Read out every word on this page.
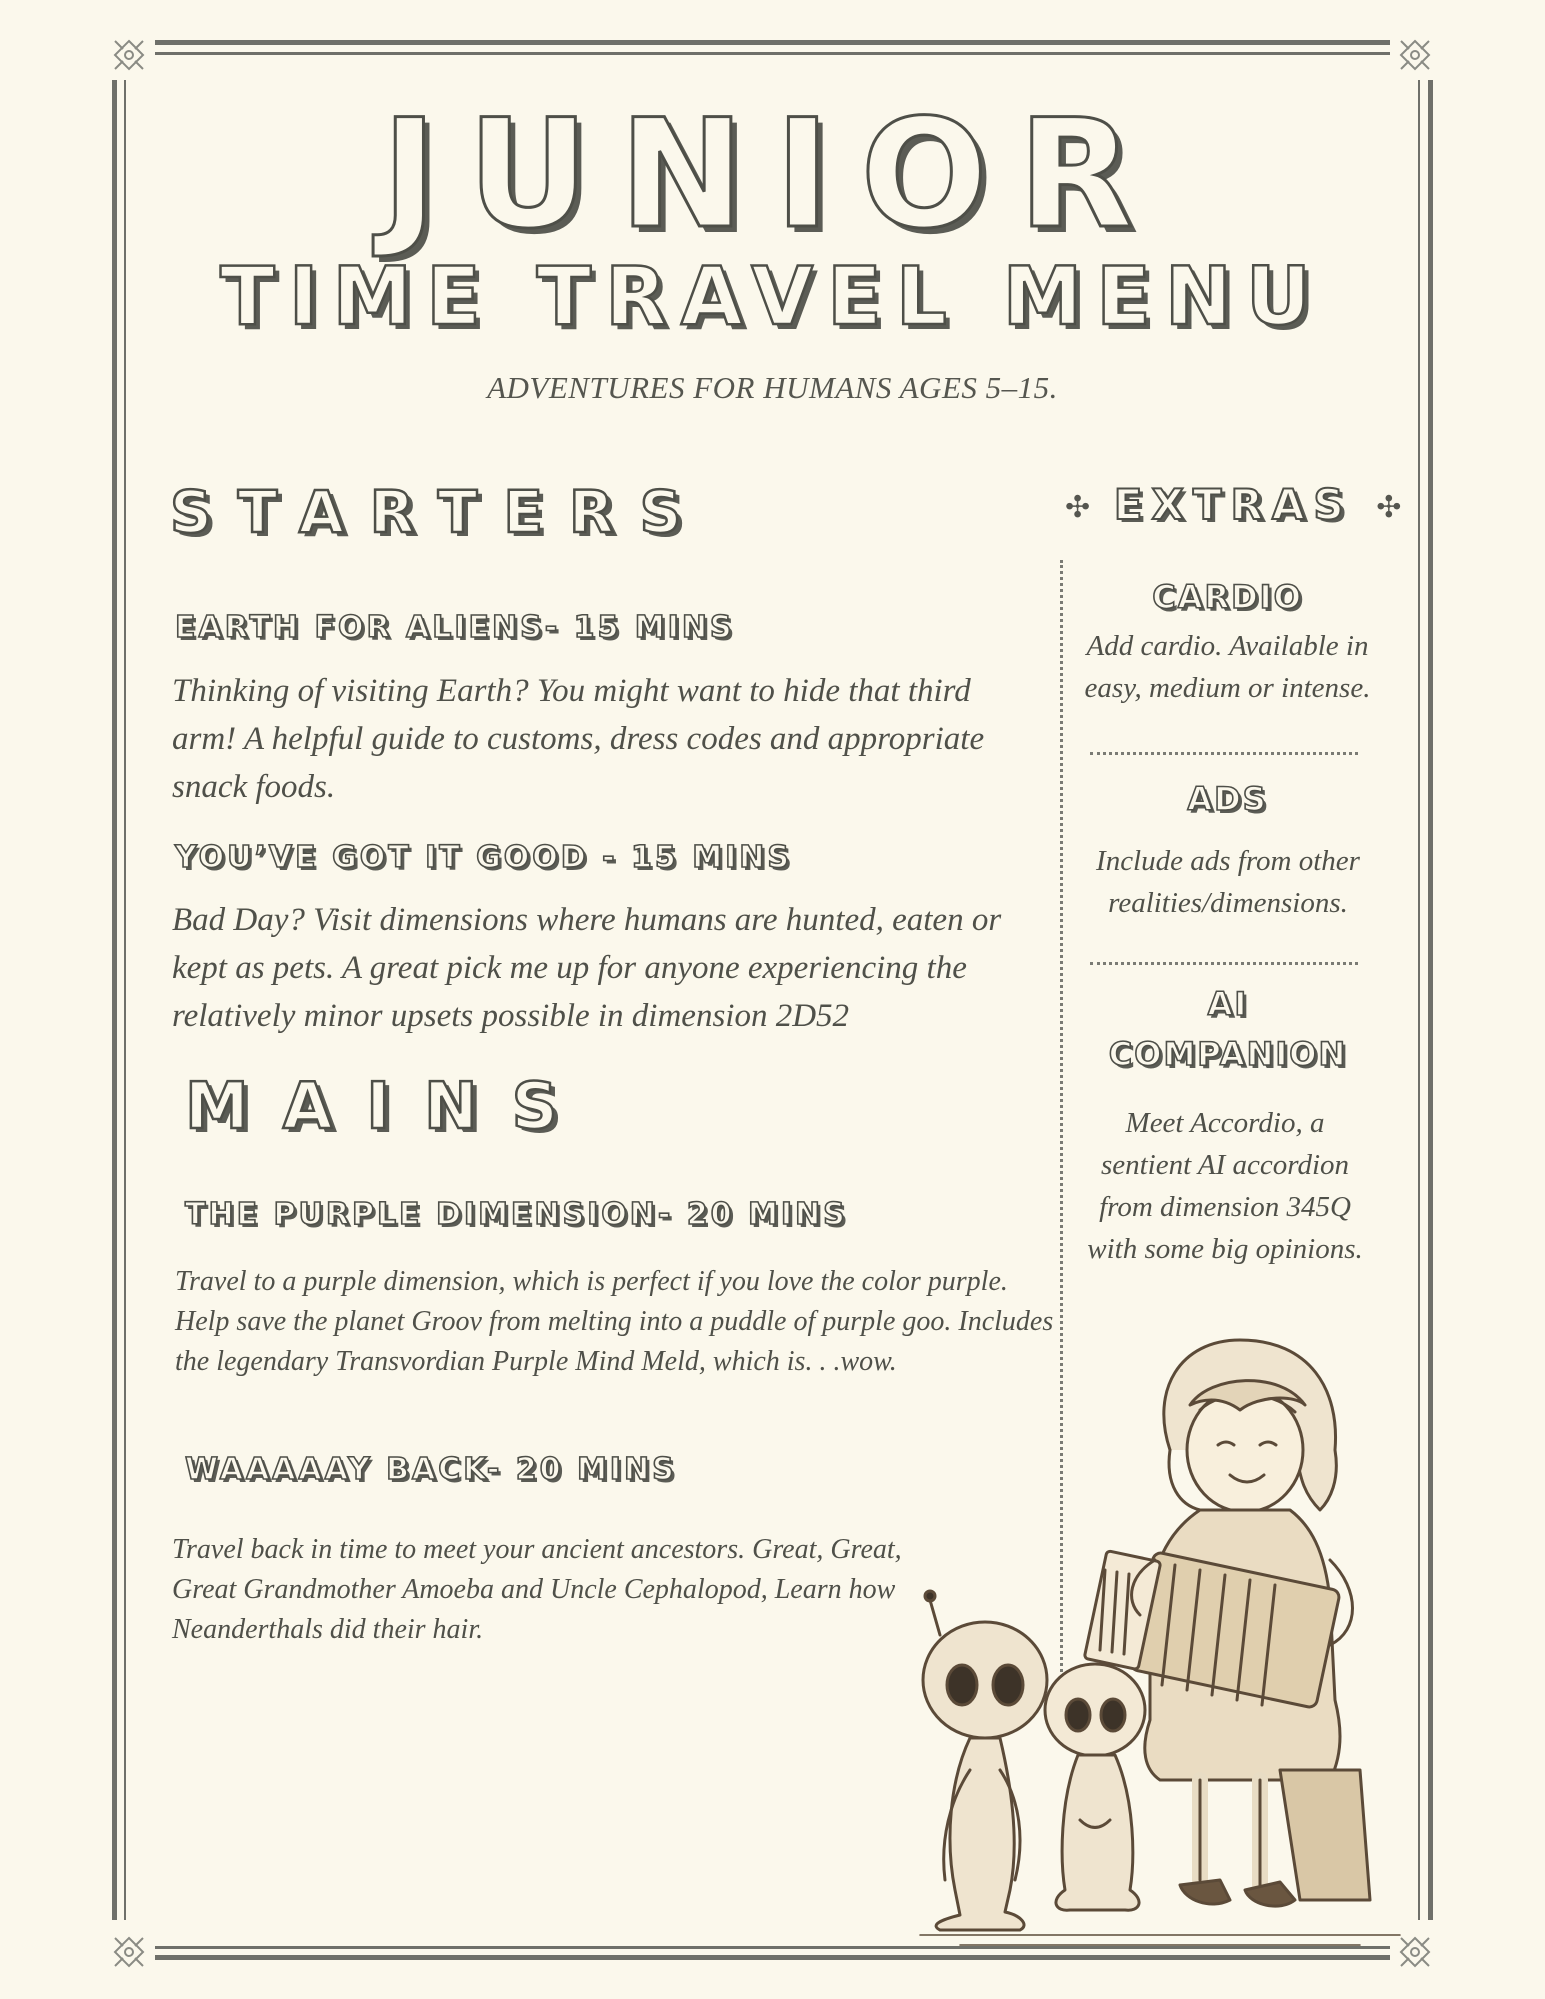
JUNIOR
TIME TRAVEL MENU
ADVENTURES FOR HUMANS AGES 5–15.
STARTERS
EARTH FOR ALIENS- 15 MINS

Thinking of visiting Earth? You might want to hide that third arm! A helpful guide to customs, dress codes and appropriate snack foods.

YOU’VE GOT IT GOOD - 15 MINS

Bad Day? Visit dimensions where humans are hunted, eaten or kept as pets. A great pick me up for anyone experiencing the relatively minor upsets possible in dimension 2D52

MAINS
THE PURPLE DIMENSION- 20 MINS

Travel to a purple dimension, which is perfect if you love the color purple. Help save the planet Groov from melting into a puddle of purple goo. Includes the legendary Transvordian Purple Mind Meld, which is. . .wow.

WAAAAAY BACK- 20 MINS

Travel back in time to meet your ancient ancestors. Great, Great, Great Grandmother Amoeba and Uncle Cephalopod, Learn how Neanderthals did their hair.

✣ EXTRAS ✣
CARDIO

Add cardio. Available in easy, medium or intense.

ADS

Include ads from other realities/dimensions.

AI COMPANION

Meet Accordio, a sentient AI accordion from dimension 345Q with some big opinions.
